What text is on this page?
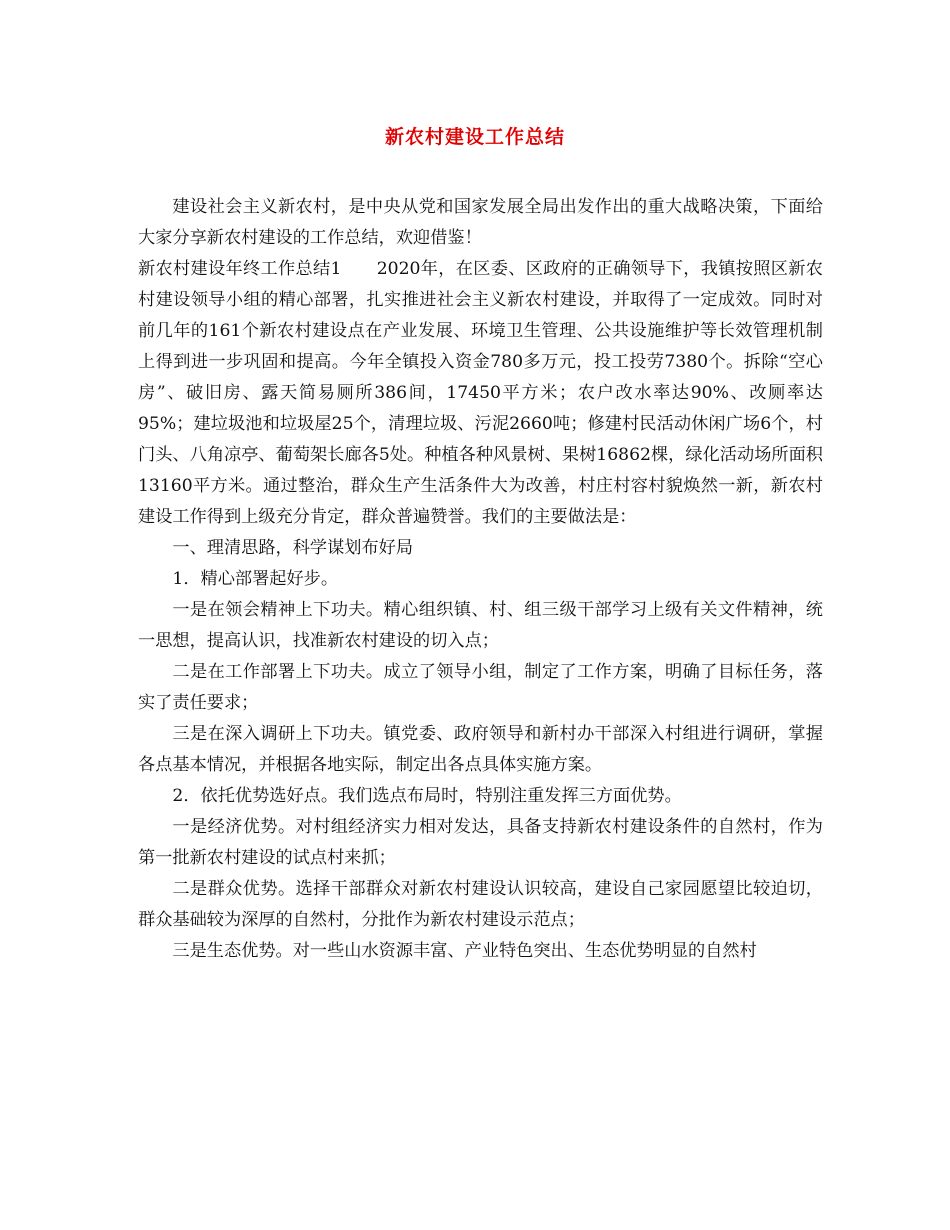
新农村建设工作总结

建设社会主义新农村，是中央从党和国家发展全局出发作出的重大战略决策，下面给大家分享新农村建设的工作总结，欢迎借鉴！

新农村建设年终工作总结1　　2020年，在区委、区政府的正确领导下，我镇按照区新农村建设领导小组的精心部署，扎实推进社会主义新农村建设，并取得了一定成效。同时对前几年的161个新农村建设点在产业发展、环境卫生管理、公共设施维护等长效管理机制上得到进一步巩固和提高。今年全镇投入资金780多万元，投工投劳7380个。拆除“空心房”、破旧房、露天简易厕所386间，17450平方米；农户改水率达90%、改厕率达95%；建垃圾池和垃圾屋25个，清理垃圾、污泥2660吨；修建村民活动休闲广场6个，村门头、八角凉亭、葡萄架长廊各5处。种植各种风景树、果树16862棵，绿化活动场所面积13160平方米。通过整治，群众生产生活条件大为改善，村庄村容村貌焕然一新，新农村建设工作得到上级充分肯定，群众普遍赞誉。我们的主要做法是：

一、理清思路，科学谋划布好局

1．精心部署起好步。

一是在领会精神上下功夫。精心组织镇、村、组三级干部学习上级有关文件精神，统一思想，提高认识，找准新农村建设的切入点；

二是在工作部署上下功夫。成立了领导小组，制定了工作方案，明确了目标任务，落实了责任要求；

三是在深入调研上下功夫。镇党委、政府领导和新村办干部深入村组进行调研，掌握各点基本情况，并根据各地实际，制定出各点具体实施方案。

2．依托优势选好点。我们选点布局时，特别注重发挥三方面优势。

一是经济优势。对村组经济实力相对发达，具备支持新农村建设条件的自然村，作为第一批新农村建设的试点村来抓；

二是群众优势。选择干部群众对新农村建设认识较高，建设自己家园愿望比较迫切，群众基础较为深厚的自然村，分批作为新农村建设示范点；

三是生态优势。对一些山水资源丰富、产业特色突出、生态优势明显的自然村
